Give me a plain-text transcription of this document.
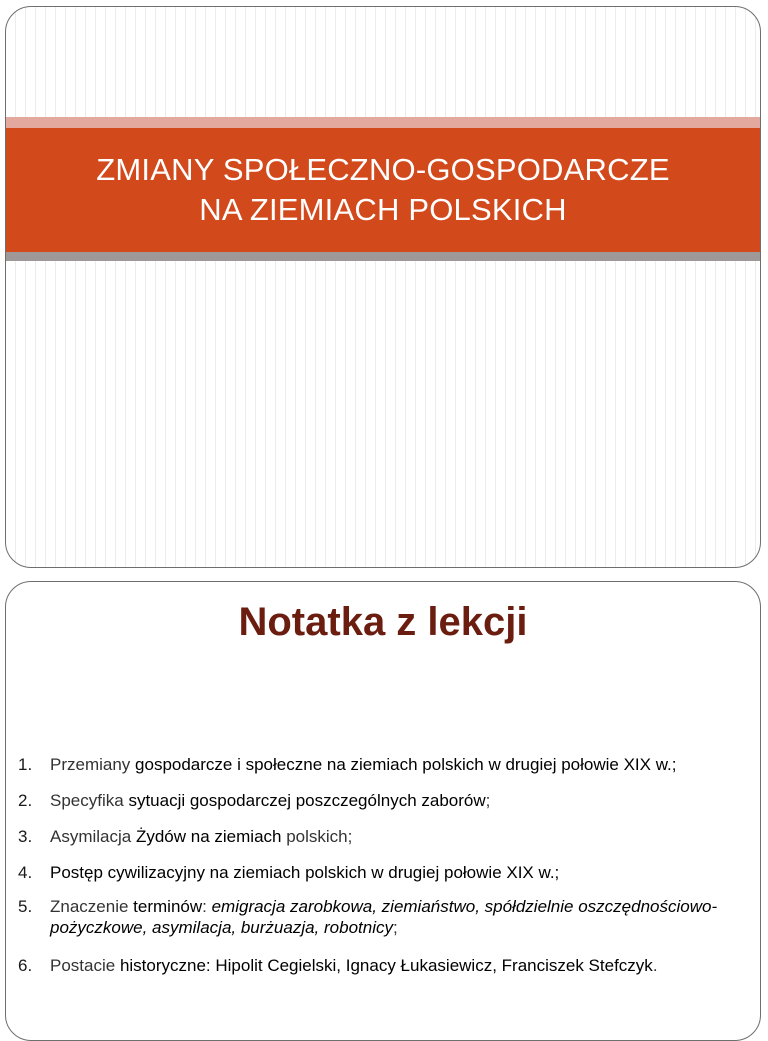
ZMIANY SPOŁECZNO-GOSPODARCZE
NA ZIEMIACH POLSKICH
Notatka z lekcji
1.	Przemiany gospodarcze i społeczne na ziemiach polskich w drugiej połowie XIX w.;
2.	Specyfika sytuacji gospodarczej poszczególnych zaborów;
3.	Asymilacja Żydów na ziemiach polskich;
4.	Postęp cywilizacyjny na ziemiach polskich w drugiej połowie XIX w.;
5.	Znaczenie terminów: emigracja zarobkowa, ziemiaństwo, spółdzielnie oszczędnościowo-pożyczkowe, asymilacja, burżuazja, robotnicy;
6.	Postacie historyczne: Hipolit Cegielski, Ignacy Łukasiewicz, Franciszek Stefczyk.
